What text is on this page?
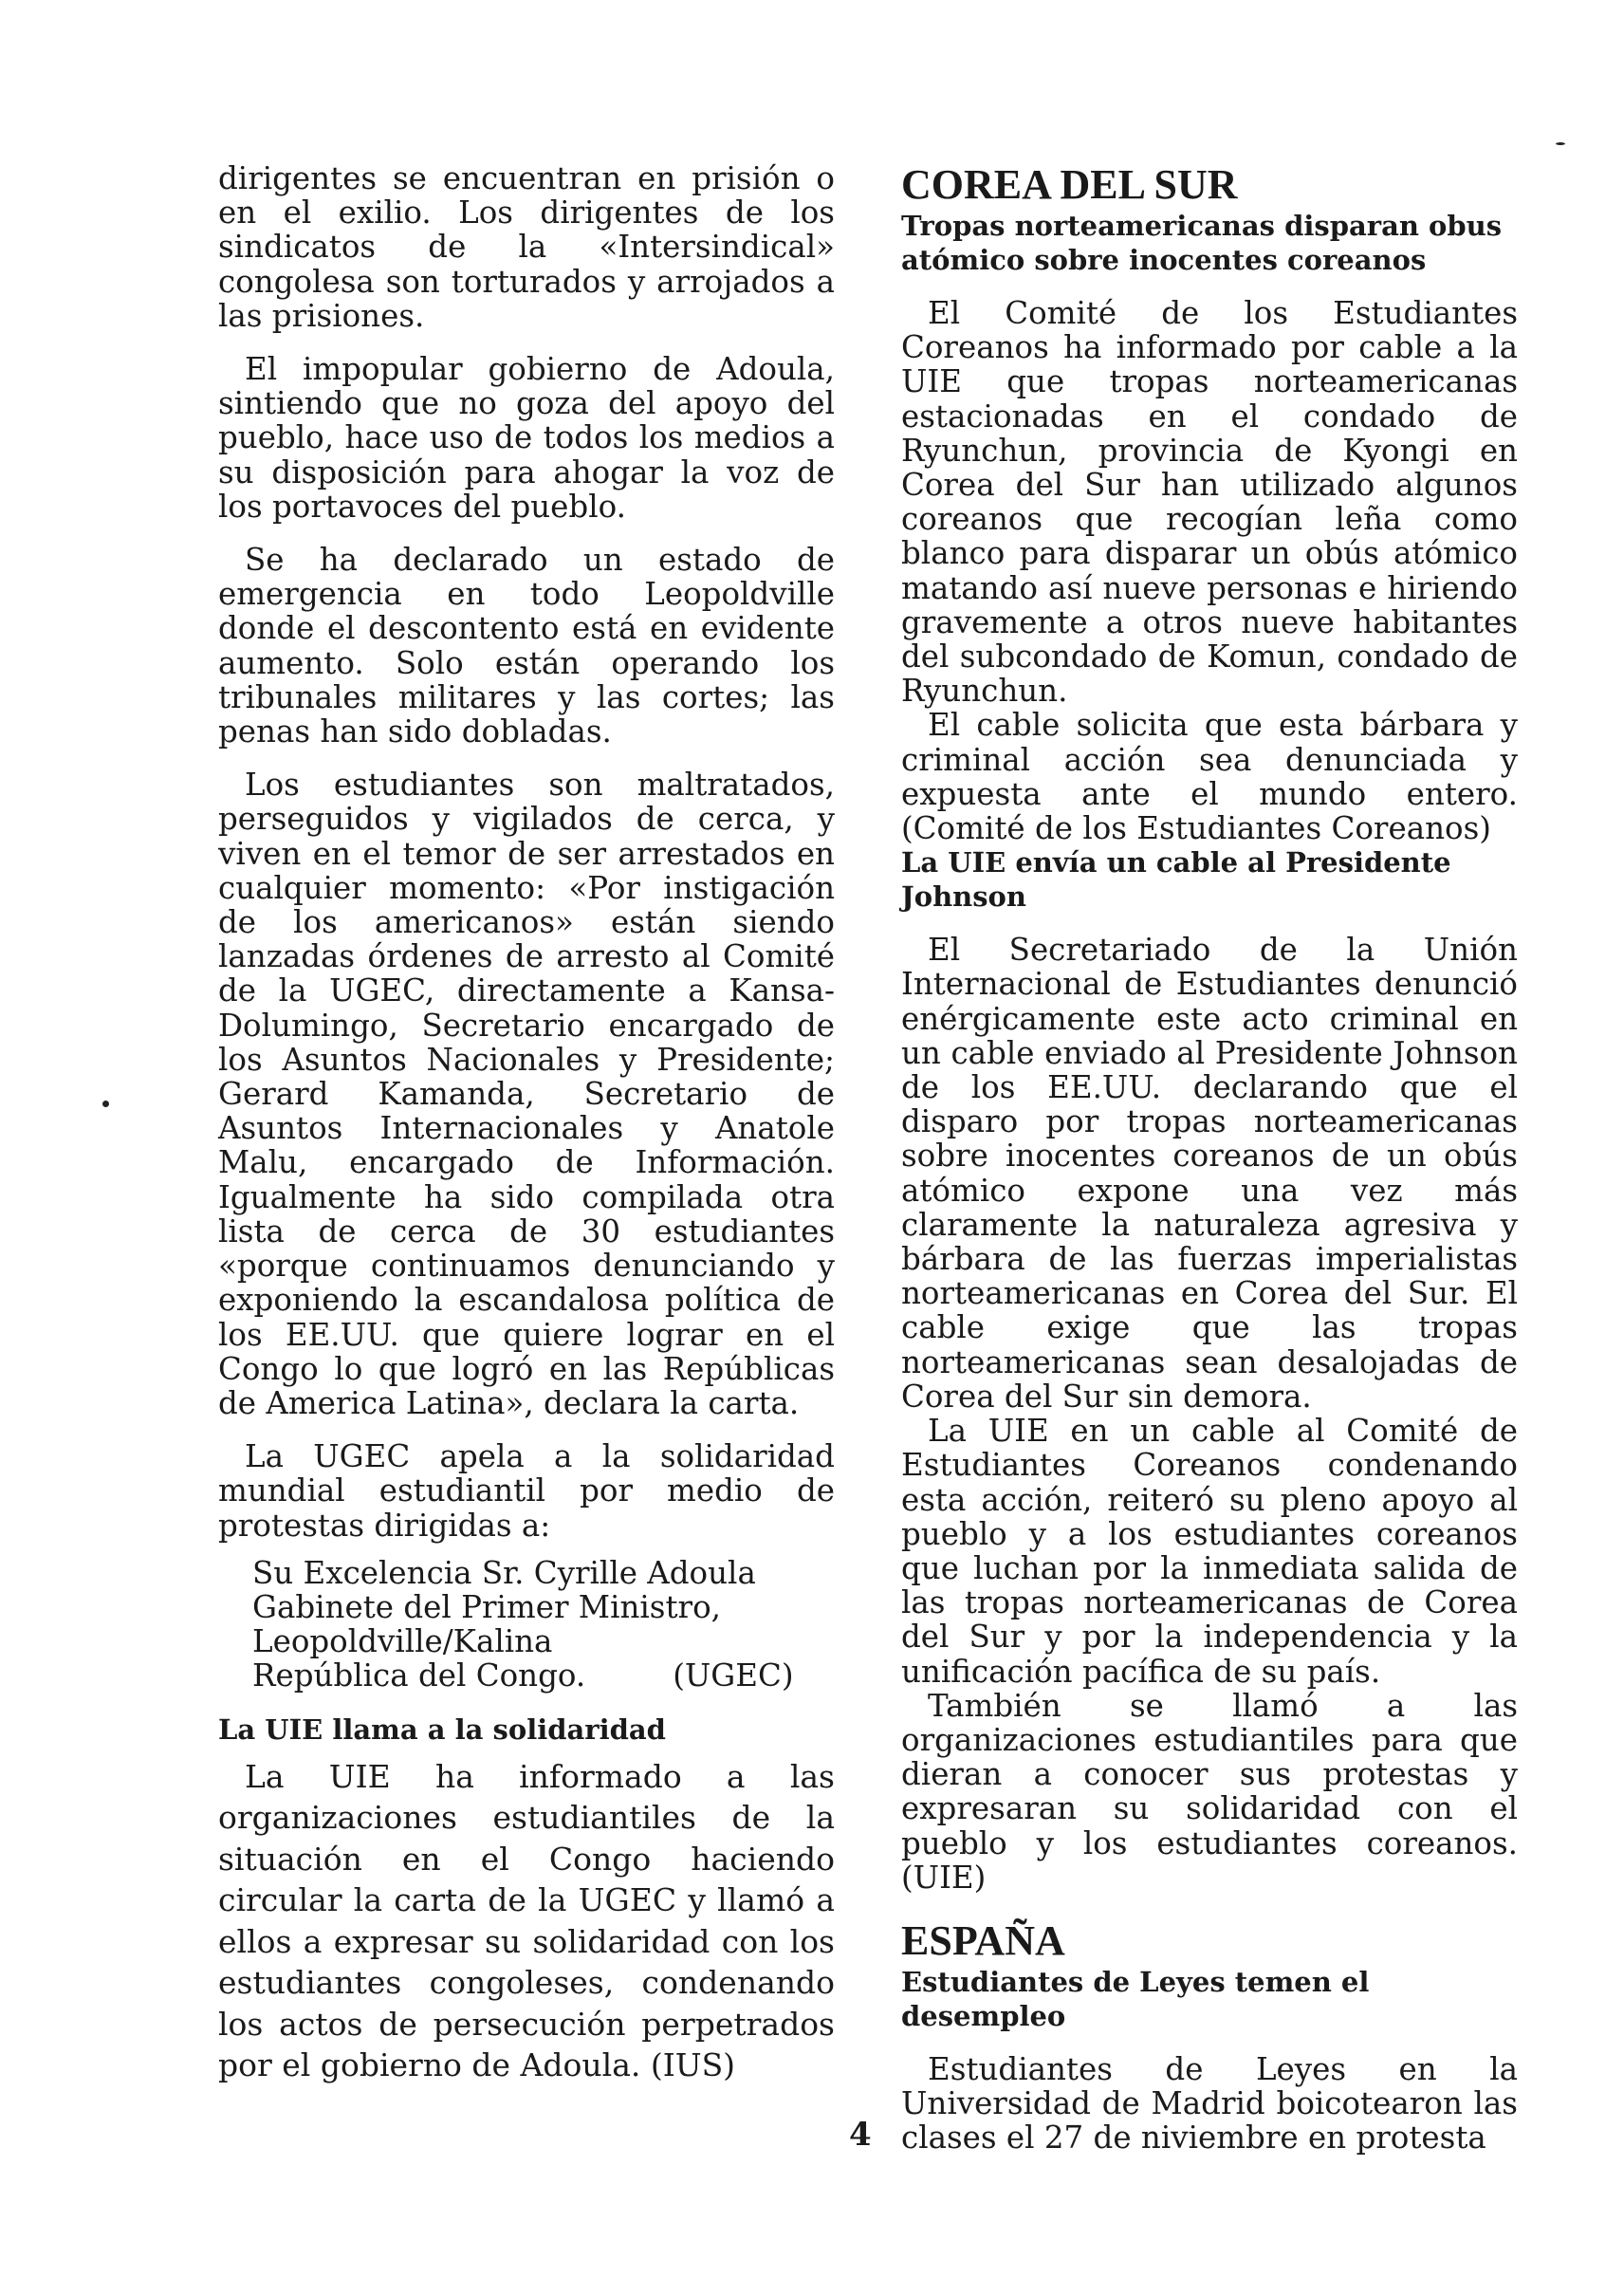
dirigentes se encuentran en prisión o en el exilio. Los dirigentes de los sindicatos de la «Intersindical» congolesa son torturados y arrojados a las prisiones.

El impopular gobierno de Adoula, sintiendo que no goza del apoyo del pueblo, hace uso de todos los medios a su disposición para ahogar la voz de los portavoces del pueblo.

Se ha declarado un estado de emergencia en todo Leopoldville donde el descontento está en evidente aumento. Solo están operando los tribunales militares y las cortes; las penas han sido dobladas.

Los estudiantes son maltratados, perseguidos y vigilados de cerca, y viven en el temor de ser arrestados en cualquier momento: «Por instigación de los americanos» están siendo lanzadas órdenes de arresto al Comité de la UGEC, directamente a Kansa-Dolumingo, Secretario encargado de los Asuntos Nacionales y Presidente; Gerard Kamanda, Secretario de Asuntos Internacionales y Anatole Malu, encargado de Información. Igualmente ha sido compilada otra lista de cerca de 30 estudiantes «porque continuamos denunciando y exponiendo la escandalosa política de los EE.UU. que quiere lograr en el Congo lo que logró en las Repúblicas de America Latina», declara la carta.

La UGEC apela a la solidaridad mundial estudiantil por medio de protestas dirigidas a:

Su Excelencia Sr. Cyrille Adoula
Gabinete del Primer Ministro,
Leopoldville/Kalina
República del Congo.	(UGEC)
La UIE llama a la solidaridad

La UIE ha informado a las organizaciones estudiantiles de la situación en el Congo haciendo circular la carta de la UGEC y llamó a ellos a expresar su solidaridad con los estudiantes congoleses, condenando los actos de persecución perpetrados por el gobierno de Adoula. (IUS)

COREA DEL SUR
Tropas norteamericanas disparan obus atómico sobre inocentes coreanos

El Comité de los Estudiantes Coreanos ha informado por cable a la UIE que tropas norteamericanas estacionadas en el condado de Ryunchun, provincia de Kyongi en Corea del Sur han utilizado algunos coreanos que recogían leña como blanco para disparar un obús atómico matando así nueve personas e hiriendo gravemente a otros nueve habitantes del subcondado de Komun, condado de Ryunchun.

El cable solicita que esta bárbara y criminal acción sea denunciada y expuesta ante el mundo entero. (Comité de los Estudiantes Coreanos)

La UIE envía un cable al Presidente Johnson

El Secretariado de la Unión Internacional de Estudiantes denunció enérgicamente este acto criminal en un cable enviado al Presidente Johnson de los EE.UU. declarando que el disparo por tropas norteamericanas sobre inocentes coreanos de un obús atómico expone una vez más claramente la naturaleza agresiva y bárbara de las fuerzas imperialistas norteamericanas en Corea del Sur. El cable exige que las tropas norteamericanas sean desalojadas de Corea del Sur sin demora.

La UIE en un cable al Comité de Estudiantes Coreanos condenando esta acción, reiteró su pleno apoyo al pueblo y a los estudiantes coreanos que luchan por la inmediata salida de las tropas norteamericanas de Corea del Sur y por la independencia y la unificación pacífica de su país.

También se llamó a las organizaciones estudiantiles para que dieran a conocer sus protestas y expresaran su solidaridad con el pueblo y los estudiantes coreanos. (UIE)

ESPAÑA
Estudiantes de Leyes temen el desempleo

Estudiantes de Leyes en la Universidad de Madrid boicotearon las clases el 27 de niviembre en protesta

4
